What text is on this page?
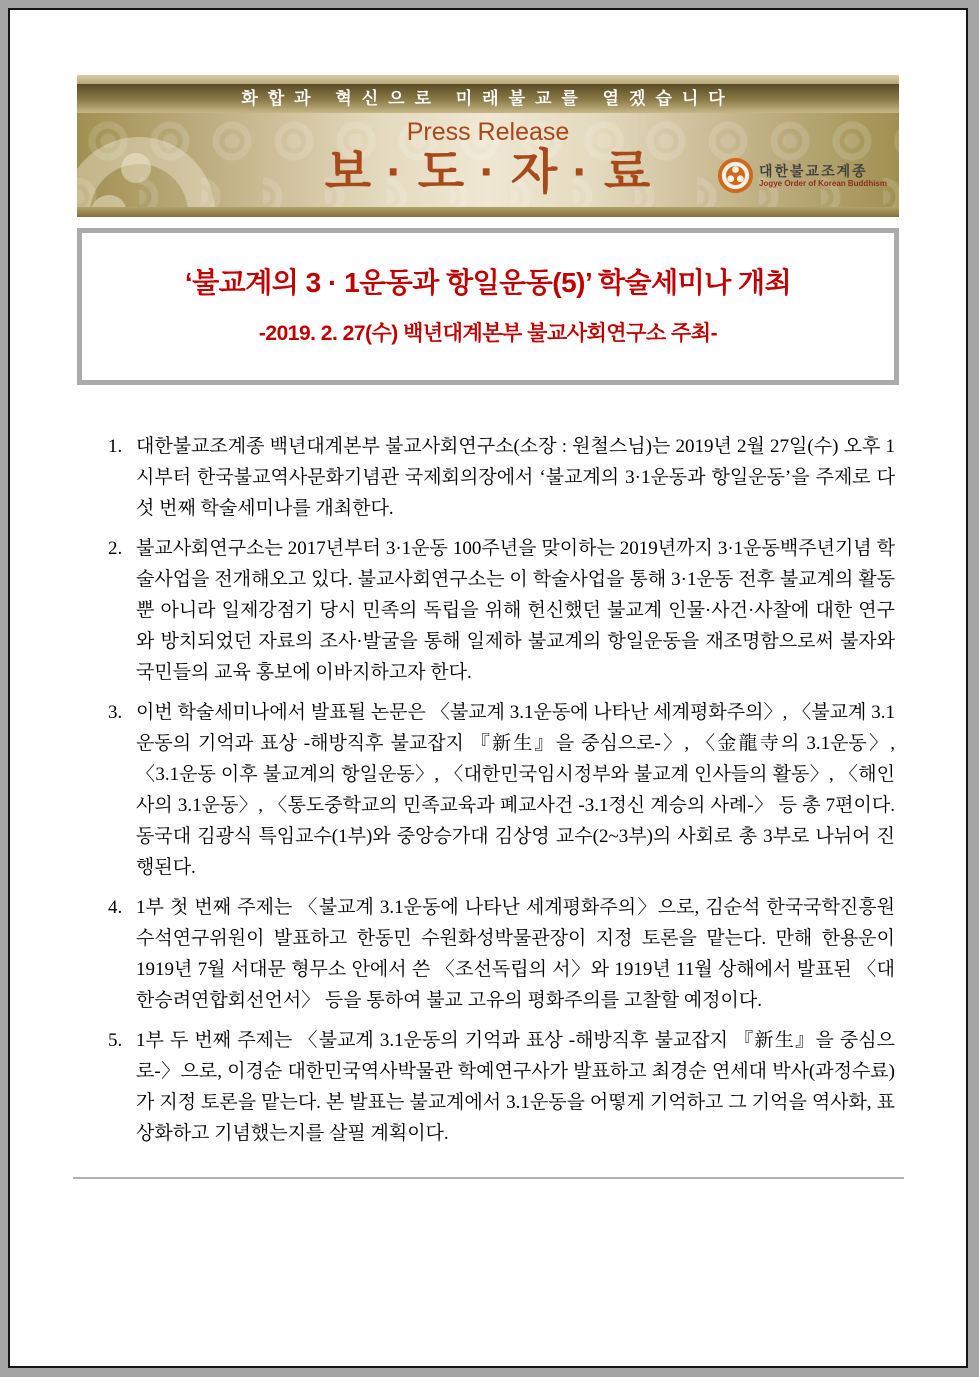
화합과 혁신으로 미래불교를 열겠습니다
Press Release
보 · 도 · 자 · 료	대한불교조계종
Jogye Order of Korean Buddhism
‘불교계의 3 · 1운동과 항일운동(5)’ 학술세미나 개최
-2019. 2. 27(수) 백년대계본부 불교사회연구소 주최-
1. 대한불교조계종 백년대계본부 불교사회연구소(소장 : 원철스님)는 2019년 2월 27일(수) 오후 1시부터 한국불교역사문화기념관 국제회의장에서 ‘불교계의 3·1운동과 항일운동’을 주제로 다섯 번째 학술세미나를 개최한다.
2. 불교사회연구소는 2017년부터 3·1운동 100주년을 맞이하는 2019년까지 3·1운동백주년기념 학술사업을 전개해오고 있다. 불교사회연구소는 이 학술사업을 통해 3·1운동 전후 불교계의 활동 뿐 아니라 일제강점기 당시 민족의 독립을 위해 헌신했던 불교계 인물·사건·사찰에 대한 연구와 방치되었던 자료의 조사·발굴을 통해 일제하 불교계의 항일운동을 재조명함으로써 불자와 국민들의 교육 홍보에 이바지하고자 한다.
3. 이번 학술세미나에서 발표될 논문은 〈불교계 3.1운동에 나타난 세계평화주의〉, 〈불교계 3.1운동의 기억과 표상 -해방직후 불교잡지 『新生』을 중심으로-〉, 〈金龍寺의 3.1운동〉, 〈3.1운동 이후 불교계의 항일운동〉, 〈대한민국임시정부와 불교계 인사들의 활동〉, 〈해인사의 3.1운동〉, 〈통도중학교의 민족교육과 폐교사건 -3.1정신 계승의 사례-〉 등 총 7편이다. 동국대 김광식 특임교수(1부)와 중앙승가대 김상영 교수(2~3부)의 사회로 총 3부로 나뉘어 진행된다.
4. 1부 첫 번째 주제는 〈불교계 3.1운동에 나타난 세계평화주의〉으로, 김순석 한국국학진흥원 수석연구위원이 발표하고 한동민 수원화성박물관장이 지정 토론을 맡는다. 만해 한용운이 1919년 7월 서대문 형무소 안에서 쓴 〈조선독립의 서〉와 1919년 11월 상해에서 발표된 〈대한승려연합회선언서〉 등을 통하여 불교 고유의 평화주의를 고찰할 예정이다.
5. 1부 두 번째 주제는 〈불교계 3.1운동의 기억과 표상 -해방직후 불교잡지 『新生』을 중심으로-〉으로, 이경순 대한민국역사박물관 학예연구사가 발표하고 최경순 연세대 박사(과정수료)가 지정 토론을 맡는다. 본 발표는 불교계에서 3.1운동을 어떻게 기억하고 그 기억을 역사화, 표상화하고 기념했는지를 살필 계획이다.
